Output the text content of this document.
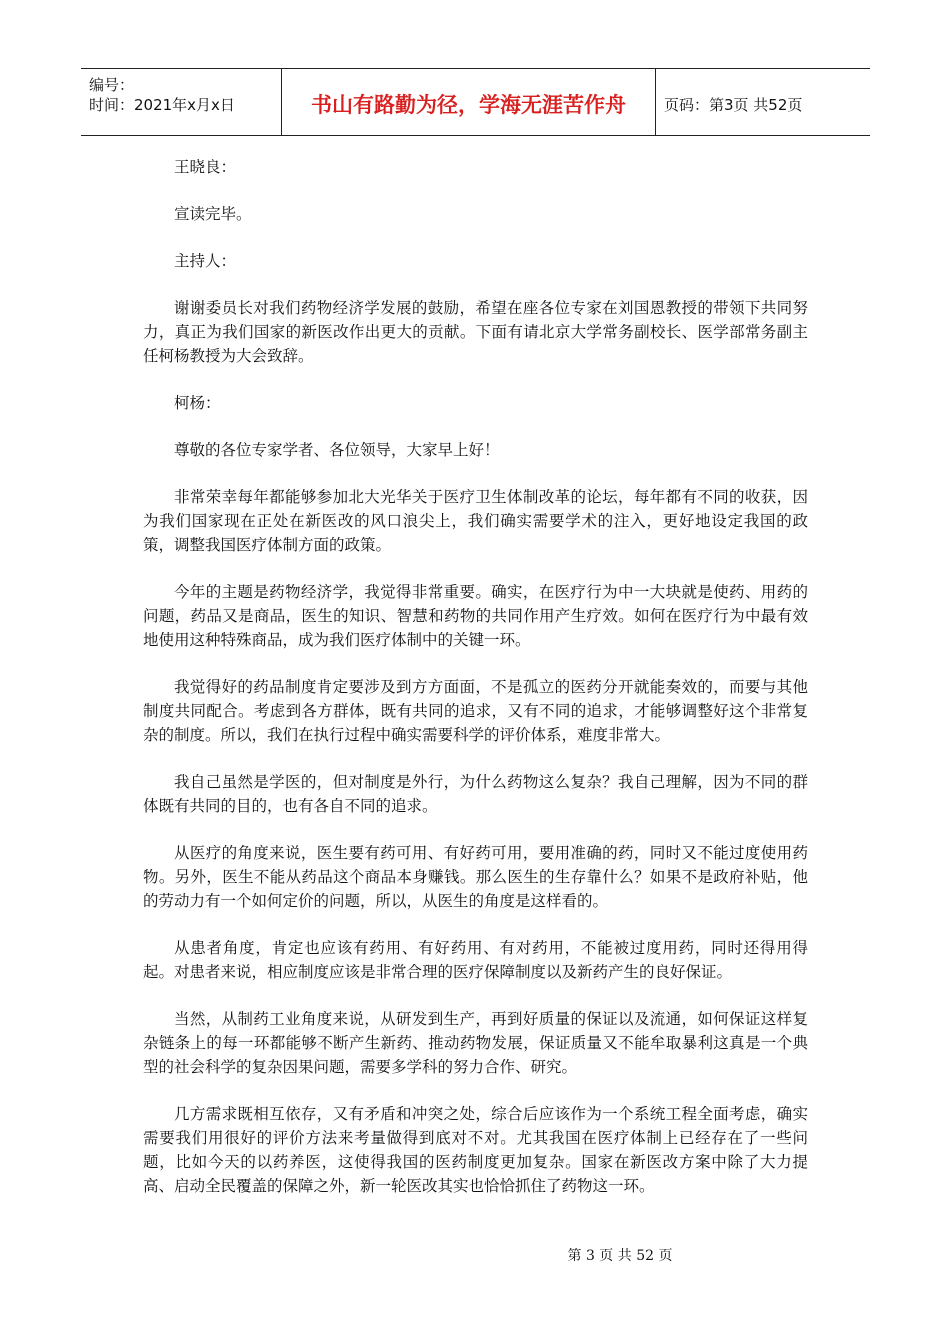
编号：
时间：2021年x月x日	书山有路勤为径，学海无涯苦作舟	页码：第3页 共52页

王晓良：

宣读完毕。

主持人：

谢谢委员长对我们药物经济学发展的鼓励，希望在座各位专家在刘国恩教授的带领下共同努力，真正为我们国家的新医改作出更大的贡献。下面有请北京大学常务副校长、医学部常务副主任柯杨教授为大会致辞。

柯杨：

尊敬的各位专家学者、各位领导，大家早上好！

非常荣幸每年都能够参加北大光华关于医疗卫生体制改革的论坛，每年都有不同的收获，因为我们国家现在正处在新医改的风口浪尖上，我们确实需要学术的注入，更好地设定我国的政策，调整我国医疗体制方面的政策。

今年的主题是药物经济学，我觉得非常重要。确实，在医疗行为中一大块就是使药、用药的问题，药品又是商品，医生的知识、智慧和药物的共同作用产生疗效。如何在医疗行为中最有效地使用这种特殊商品，成为我们医疗体制中的关键一环。

我觉得好的药品制度肯定要涉及到方方面面，不是孤立的医药分开就能奏效的，而要与其他制度共同配合。考虑到各方群体，既有共同的追求，又有不同的追求，才能够调整好这个非常复杂的制度。所以，我们在执行过程中确实需要科学的评价体系，难度非常大。

我自己虽然是学医的，但对制度是外行，为什么药物这么复杂？我自己理解，因为不同的群体既有共同的目的，也有各自不同的追求。

从医疗的角度来说，医生要有药可用、有好药可用，要用准确的药，同时又不能过度使用药物。另外，医生不能从药品这个商品本身赚钱。那么医生的生存靠什么？如果不是政府补贴，他的劳动力有一个如何定价的问题，所以，从医生的角度是这样看的。

从患者角度，肯定也应该有药用、有好药用、有对药用，不能被过度用药，同时还得用得起。对患者来说，相应制度应该是非常合理的医疗保障制度以及新药产生的良好保证。

当然，从制药工业角度来说，从研发到生产，再到好质量的保证以及流通，如何保证这样复杂链条上的每一环都能够不断产生新药、推动药物发展，保证质量又不能牟取暴利这真是一个典型的社会科学的复杂因果问题，需要多学科的努力合作、研究。

几方需求既相互依存，又有矛盾和冲突之处，综合后应该作为一个系统工程全面考虑，确实需要我们用很好的评价方法来考量做得到底对不对。尤其我国在医疗体制上已经存在了一些问题，比如今天的以药养医，这使得我国的医药制度更加复杂。国家在新医改方案中除了大力提高、启动全民覆盖的保障之外，新一轮医改其实也恰恰抓住了药物这一环。

第 3 页 共 52 页
